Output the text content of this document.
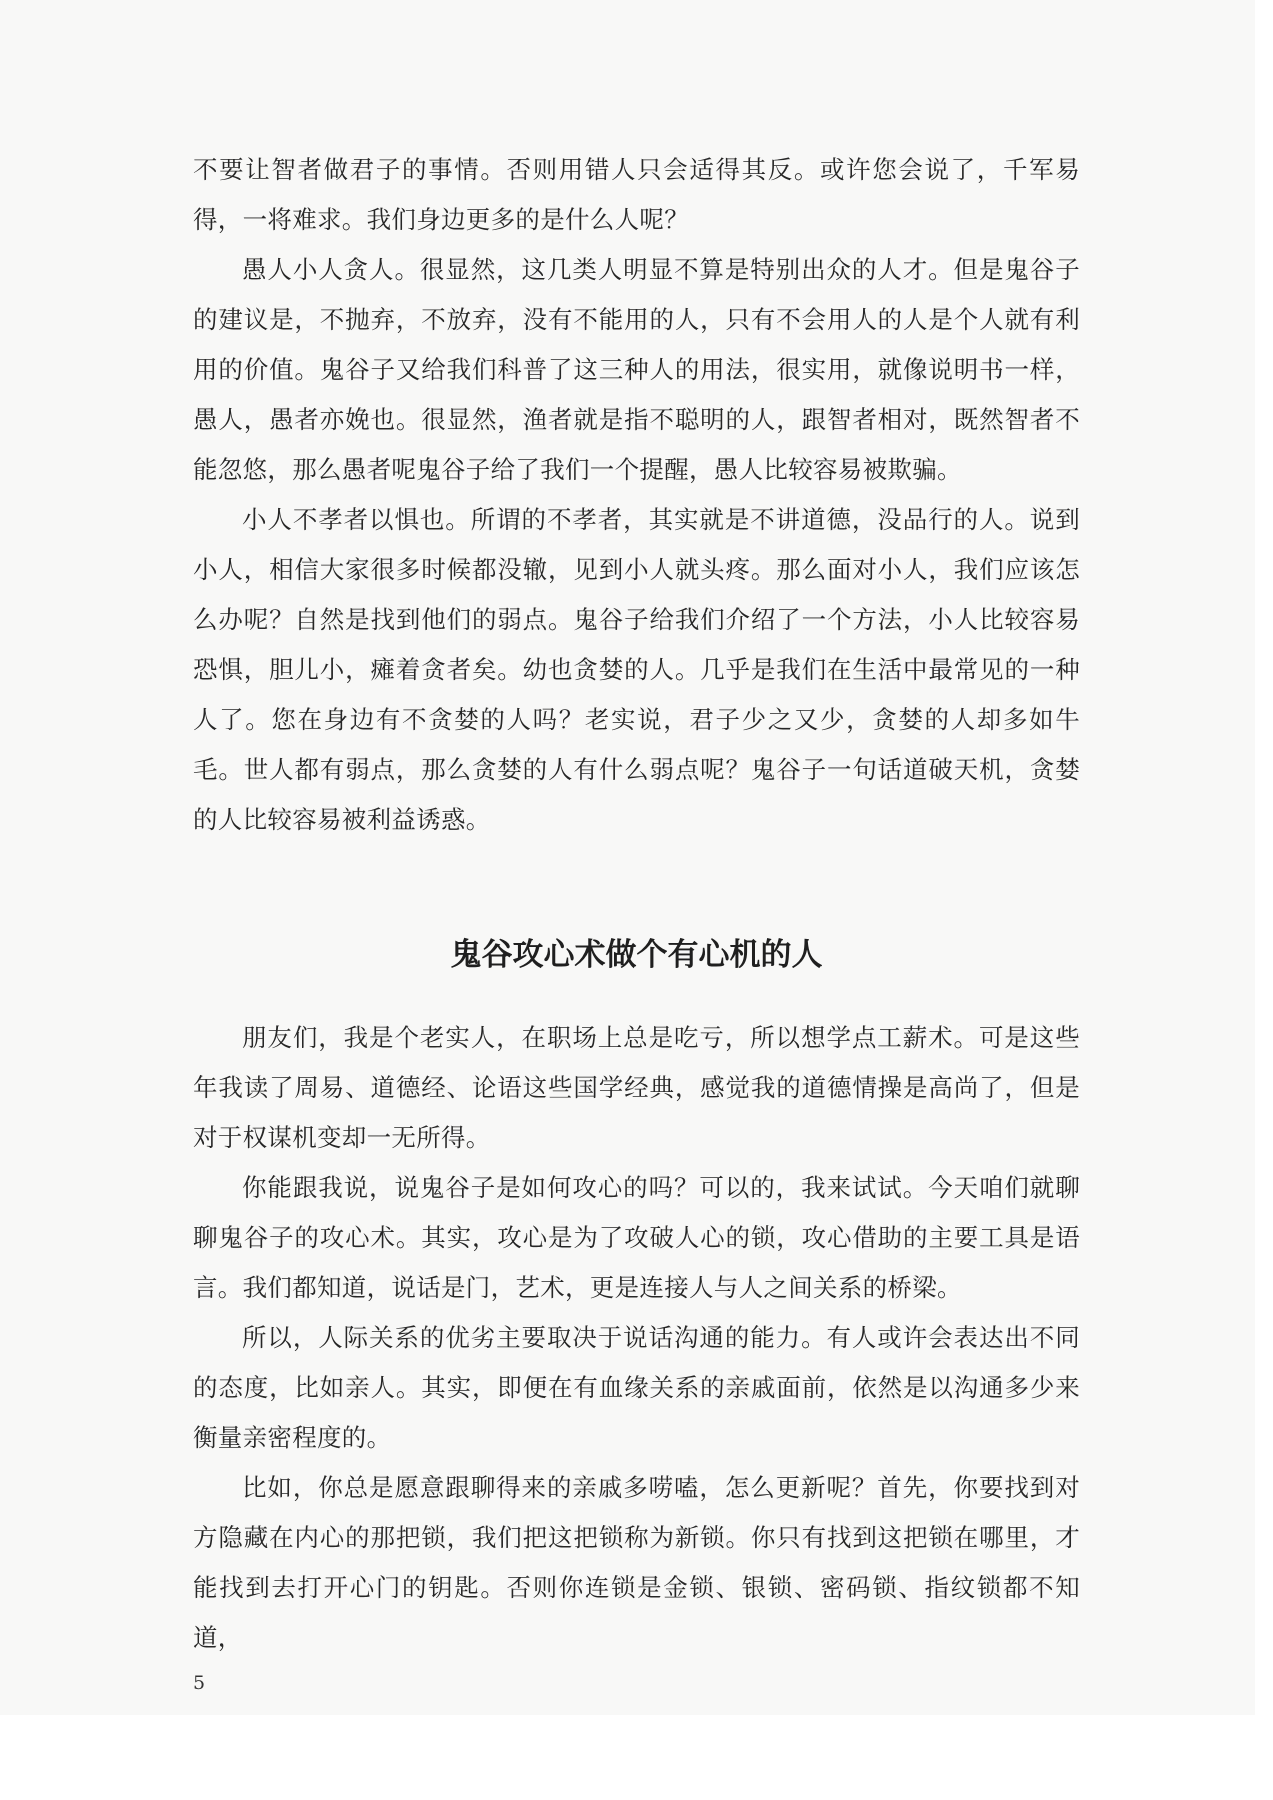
不要让智者做君子的事情。否则用错人只会适得其反。或许您会说了，千军易得，一将难求。我们身边更多的是什么人呢？

愚人小人贪人。很显然，这几类人明显不算是特别出众的人才。但是鬼谷子的建议是，不抛弃，不放弃，没有不能用的人，只有不会用人的人是个人就有利用的价值。鬼谷子又给我们科普了这三种人的用法，很实用，就像说明书一样，愚人，愚者亦娩也。很显然，渔者就是指不聪明的人，跟智者相对，既然智者不能忽悠，那么愚者呢鬼谷子给了我们一个提醒，愚人比较容易被欺骗。

小人不孝者以惧也。所谓的不孝者，其实就是不讲道德，没品行的人。说到小人，相信大家很多时候都没辙，见到小人就头疼。那么面对小人，我们应该怎么办呢？自然是找到他们的弱点。鬼谷子给我们介绍了一个方法，小人比较容易恐惧，胆儿小，瘫着贪者矣。幼也贪婪的人。几乎是我们在生活中最常见的一种人了。您在身边有不贪婪的人吗？老实说，君子少之又少，贪婪的人却多如牛毛。世人都有弱点，那么贪婪的人有什么弱点呢？鬼谷子一句话道破天机，贪婪的人比较容易被利益诱惑。

鬼谷攻心术做个有心机的人

朋友们，我是个老实人，在职场上总是吃亏，所以想学点工薪术。可是这些年我读了周易、道德经、论语这些国学经典，感觉我的道德情操是高尚了，但是对于权谋机变却一无所得。

你能跟我说，说鬼谷子是如何攻心的吗？可以的，我来试试。今天咱们就聊聊鬼谷子的攻心术。其实，攻心是为了攻破人心的锁，攻心借助的主要工具是语言。我们都知道，说话是门，艺术，更是连接人与人之间关系的桥梁。

所以，人际关系的优劣主要取决于说话沟通的能力。有人或许会表达出不同的态度，比如亲人。其实，即便在有血缘关系的亲戚面前，依然是以沟通多少来衡量亲密程度的。

比如，你总是愿意跟聊得来的亲戚多唠嗑，怎么更新呢？首先，你要找到对方隐藏在内心的那把锁，我们把这把锁称为新锁。你只有找到这把锁在哪里，才能找到去打开心门的钥匙。否则你连锁是金锁、银锁、密码锁、指纹锁都不知道，

5
